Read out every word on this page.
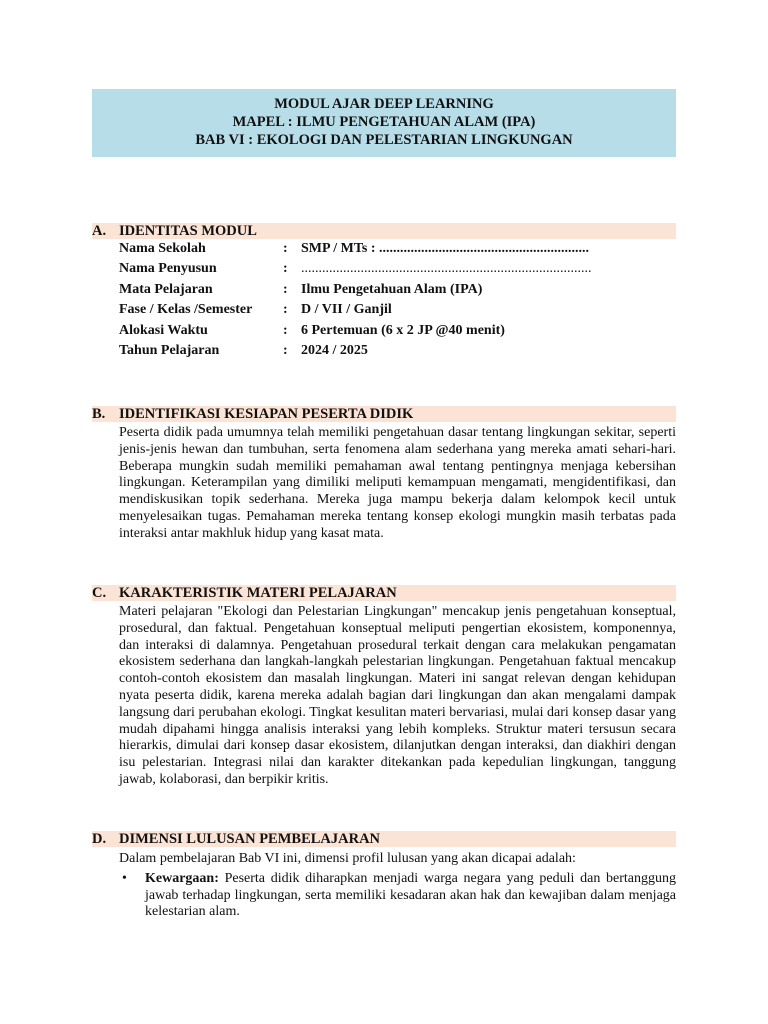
MODUL AJAR DEEP LEARNING
MAPEL : ILMU PENGETAHUAN ALAM (IPA)
BAB VI : EKOLOGI DAN PELESTARIAN LINGKUNGAN
A. IDENTITAS MODUL
Nama Sekolah	:	SMP / MTs : ............................................................
Nama Penyusun	:	...................................................................................
Mata Pelajaran	:	Ilmu Pengetahuan Alam (IPA)
Fase / Kelas /Semester	:	D / VII / Ganjil
Alokasi Waktu	:	6 Pertemuan (6 x 2 JP @40 menit)
Tahun Pelajaran	:	2024 / 2025
B. IDENTIFIKASI KESIAPAN PESERTA DIDIK
Peserta didik pada umumnya telah memiliki pengetahuan dasar tentang lingkungan sekitar, seperti jenis-jenis hewan dan tumbuhan, serta fenomena alam sederhana yang mereka amati sehari-hari. Beberapa mungkin sudah memiliki pemahaman awal tentang pentingnya menjaga kebersihan lingkungan. Keterampilan yang dimiliki meliputi kemampuan mengamati, mengidentifikasi, dan mendiskusikan topik sederhana. Mereka juga mampu bekerja dalam kelompok kecil untuk menyelesaikan tugas. Pemahaman mereka tentang konsep ekologi mungkin masih terbatas pada interaksi antar makhluk hidup yang kasat mata.
C. KARAKTERISTIK MATERI PELAJARAN
Materi pelajaran "Ekologi dan Pelestarian Lingkungan" mencakup jenis pengetahuan konseptual, prosedural, dan faktual. Pengetahuan konseptual meliputi pengertian ekosistem, komponennya, dan interaksi di dalamnya. Pengetahuan prosedural terkait dengan cara melakukan pengamatan ekosistem sederhana dan langkah-langkah pelestarian lingkungan. Pengetahuan faktual mencakup contoh-contoh ekosistem dan masalah lingkungan. Materi ini sangat relevan dengan kehidupan nyata peserta didik, karena mereka adalah bagian dari lingkungan dan akan mengalami dampak langsung dari perubahan ekologi. Tingkat kesulitan materi bervariasi, mulai dari konsep dasar yang mudah dipahami hingga analisis interaksi yang lebih kompleks. Struktur materi tersusun secara hierarkis, dimulai dari konsep dasar ekosistem, dilanjutkan dengan interaksi, dan diakhiri dengan isu pelestarian. Integrasi nilai dan karakter ditekankan pada kepedulian lingkungan, tanggung jawab, kolaborasi, dan berpikir kritis.
D. DIMENSI LULUSAN PEMBELAJARAN
Dalam pembelajaran Bab VI ini, dimensi profil lulusan yang akan dicapai adalah:
• Kewargaan: Peserta didik diharapkan menjadi warga negara yang peduli dan bertanggung jawab terhadap lingkungan, serta memiliki kesadaran akan hak dan kewajiban dalam menjaga kelestarian alam.
